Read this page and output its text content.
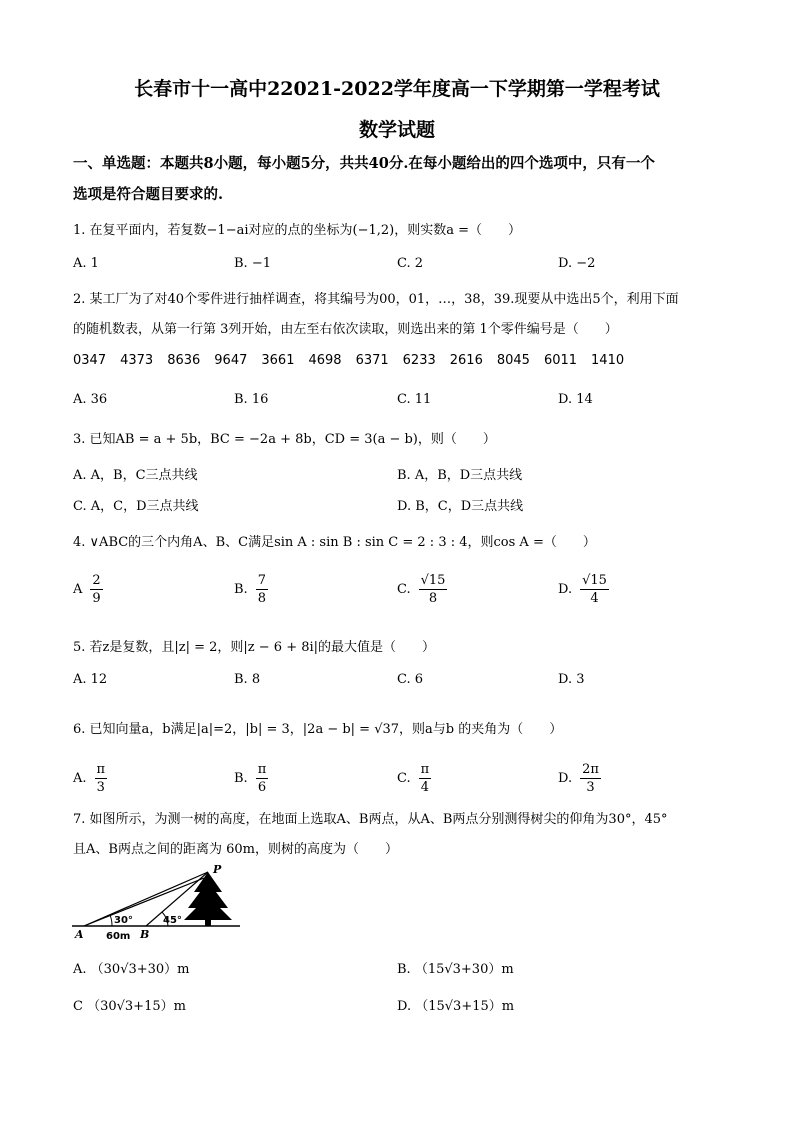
长春市十一高中22021-2022学年度高一下学期第一学程考试
数学试题
一、单选题：本题共8小题，每小题5分，共共40分.在每小题给出的四个选项中，只有一个
选项是符合题目要求的.
1. 在复平面内，若复数−1−ai对应的点的坐标为(−1,2)，则实数a =（　　）
A. 1	B. −1	C. 2	D. −2
2. 某工厂为了对40个零件进行抽样调查，将其编号为00，01，…，38，39.现要从中选出5个，利用下面
的随机数表，从第一行第 3列开始，由左至右依次读取，则选出来的第 1个零件编号是（　　）
0347 4373 8636 9647 3661 4698 6371 6233 2616 8045 6011 1410
A. 36	B. 16	C. 11	D. 14
3. 已知AB = a + 5b，BC = −2a + 8b，CD = 3(a − b)，则（　　）
A. A，B，C三点共线	B. A，B，D三点共线
C. A，C，D三点共线	D. B，C，D三点共线
4. ∨ABC的三个内角A、B、C满足sin A : sin B : sin C = 2 : 3 : 4，则cos A =（　　）
A $\frac{2}{9}$	B. $\frac{7}{8}$	C. $\frac{√15}{8}$	D. $\frac{√15}{4}$
5. 若z是复数，且|z| = 2，则|z − 6 + 8i|的最大值是（　　）
A. 12	B. 8	C. 6	D. 3
6. 已知向量a，b满足|a|=2，|b| = 3，|2a − b| = √37，则a与b 的夹角为（　　）
A. $\frac{\pi}{3}$	B. $\frac{\pi}{6}$	C. $\frac{\pi}{4}$	D. $\frac{2\pi}{3}$
7. 如图所示，为测一树的高度，在地面上选取A、B两点，从A、B两点分别测得树尖的仰角为30°，45°
且A、B两点之间的距离为 60m，则树的高度为（　　）
P
A	B
30°	45°
60m
A. （30√3+30）m	B. （15√3+30）m
C （30√3+15）m	D. （15√3+15）m
